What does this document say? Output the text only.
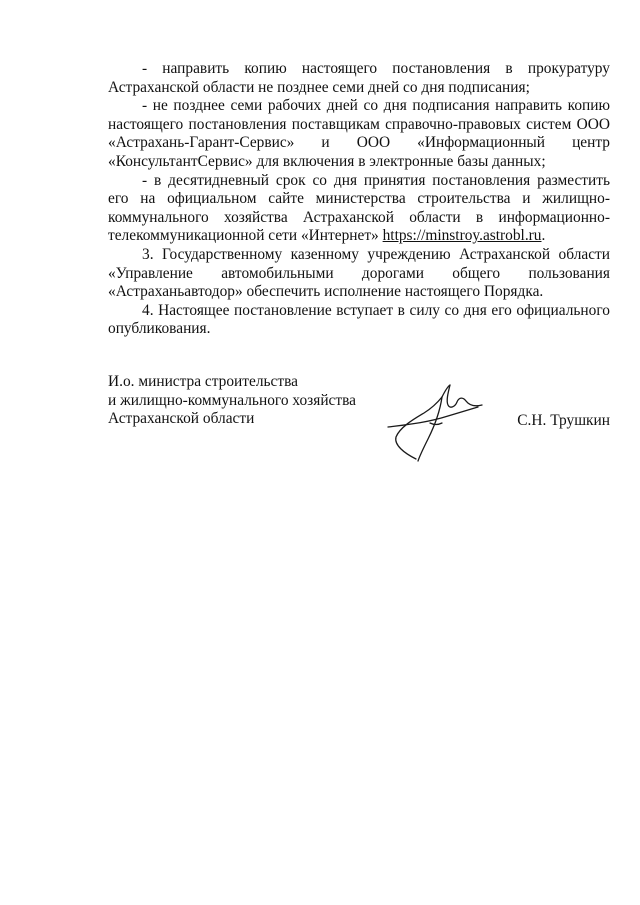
- направить копию настоящего постановления в прокуратуру Астраханской области не позднее семи дней со дня подписания;

- не позднее семи рабочих дней со дня подписания направить копию настоящего постановления поставщикам справочно-правовых систем ООО «Астрахань-Гарант-Сервис» и ООО «Информационный центр «КонсультантСервис» для включения в электронные базы данных;

- в десятидневный срок со дня принятия постановления разместить его на официальном сайте министерства строительства и жилищно-коммунального хозяйства Астраханской области в информационно-телекоммуникационной сети «Интернет» https://minstroy.astrobl.ru.

3. Государственному казенному учреждению Астраханской области «Управление автомобильными дорогами общего пользования «Астраханьавтодор» обеспечить исполнение настоящего Порядка.

4. Настоящее постановление вступает в силу со дня его официального опубликования.

И.о. министра строительства
и жилищно-коммунального хозяйства
Астраханской области	С.Н. Трушкин
